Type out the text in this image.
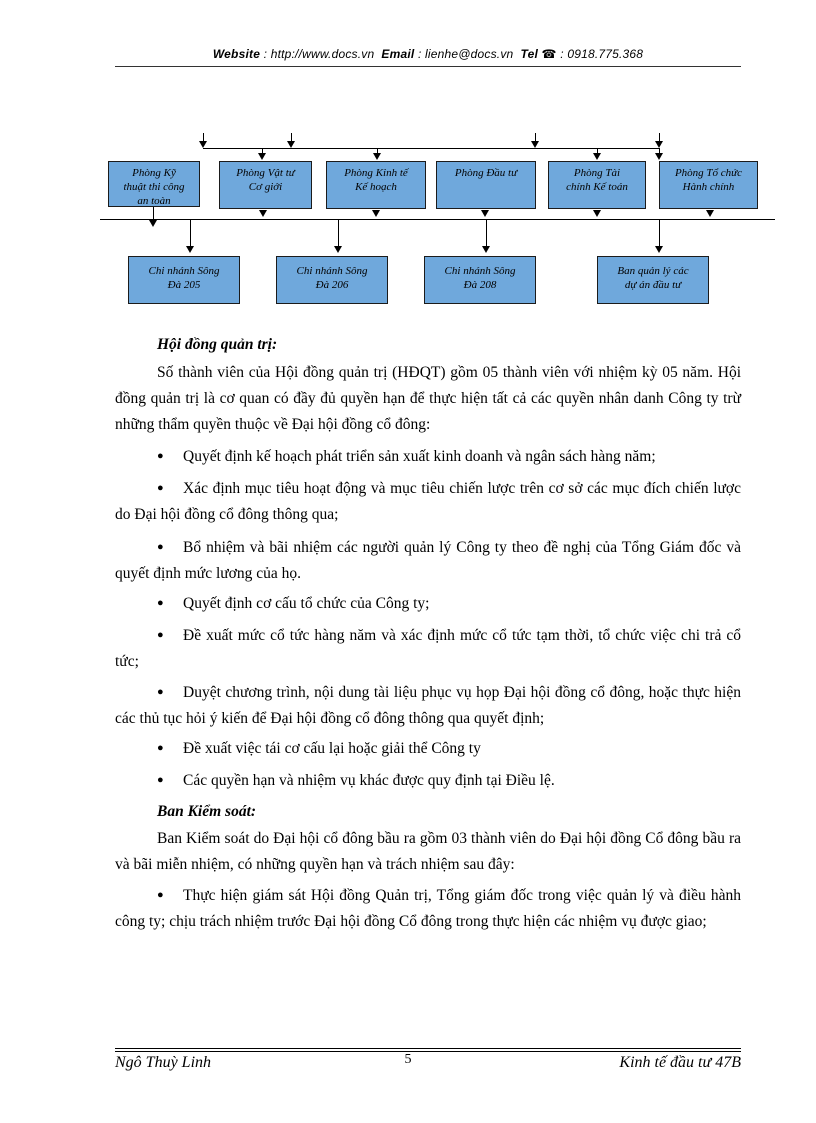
Website : http://www.docs.vn Email : lienhe@docs.vn Tel ☎ : 0918.775.368
Phòng Kỹ
thuật thi công
an toàn
Phòng Vật tư
Cơ giới
Phòng Kinh tế
Kế hoạch
Phòng Đầu tư	Phòng Tài
chính Kế toán
Phòng Tổ chức
Hành chính
Chi nhánh Sông
Đà 205
Chi nhánh Sông
Đà 206
Chi nhánh Sông
Đà 208
Ban quản lý các
dự án đầu tư
Hội đồng quản trị:
Số thành viên của Hội đồng quản trị (HĐQT) gồm 05 thành viên với nhiệm kỳ 05 năm. Hội đồng quản trị là cơ quan có đầy đủ quyền hạn để thực hiện tất cả các quyền nhân danh Công ty trừ những thẩm quyền thuộc về Đại hội đồng cổ đông:
● Quyết định kế hoạch phát triển sản xuất kinh doanh và ngân sách hàng năm;
● Xác định mục tiêu hoạt động và mục tiêu chiến lược trên cơ sở các mục đích chiến lược do Đại hội đồng cổ đông thông qua;
● Bổ nhiệm và bãi nhiệm các người quản lý Công ty theo đề nghị của Tổng Giám đốc và quyết định mức lương của họ.
● Quyết định cơ cấu tổ chức của Công ty;
● Đề xuất mức cổ tức hàng năm và xác định mức cổ tức tạm thời, tổ chức việc chi trả cổ tức;
● Duyệt chương trình, nội dung tài liệu phục vụ họp Đại hội đồng cổ đông, hoặc thực hiện các thủ tục hỏi ý kiến để Đại hội đồng cổ đông thông qua quyết định;
● Đề xuất việc tái cơ cấu lại hoặc giải thể Công ty
● Các quyền hạn và nhiệm vụ khác được quy định tại Điều lệ.
Ban Kiểm soát:
Ban Kiểm soát do Đại hội cổ đông bầu ra gồm 03 thành viên do Đại hội đồng Cổ đông bầu ra và bãi miễn nhiệm, có những quyền hạn và trách nhiệm sau đây:
● Thực hiện giám sát Hội đồng Quản trị, Tổng giám đốc trong việc quản lý và điều hành công ty; chịu trách nhiệm trước Đại hội đồng Cổ đông trong thực hiện các nhiệm vụ được giao;
Ngô Thuỳ Linh	5	Kinh tế đầu tư 47B
